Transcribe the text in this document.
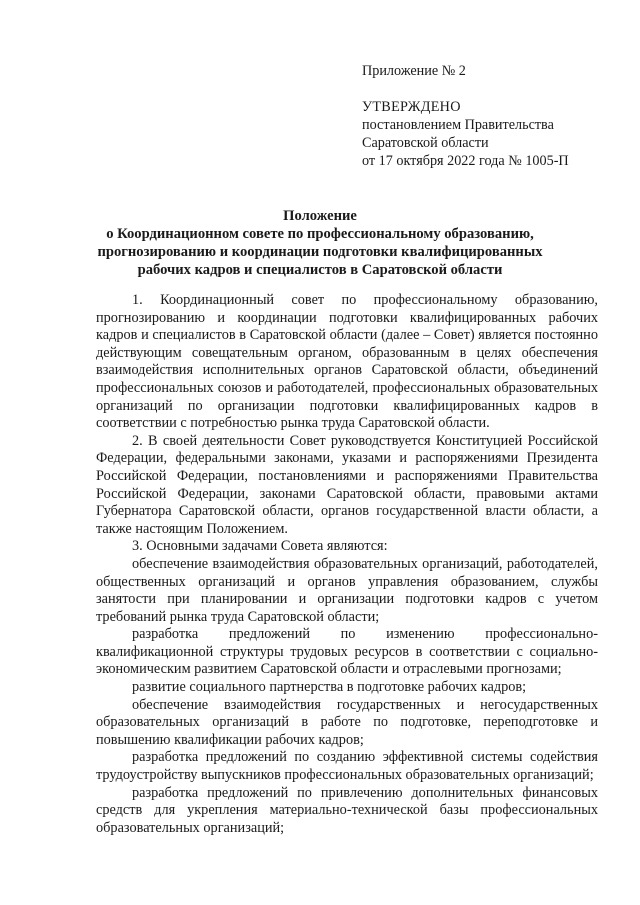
Приложение № 2
УТВЕРЖДЕНО
постановлением Правительства
Саратовской области
от 17 октября 2022 года № 1005-П
Положение
о Координационном совете по профессиональному образованию,
прогнозированию и координации подготовки квалифицированных
рабочих кадров и специалистов в Саратовской области

1. Координационный совет по профессиональному образованию, прогнозированию и координации подготовки квалифицированных рабочих кадров и специалистов в Саратовской области (далее – Совет) является постоянно действующим совещательным органом, образованным в целях обеспечения взаимодействия исполнительных органов Саратовской области, объединений профессиональных союзов и работодателей, профессиональных образовательных организаций по организации подготовки квалифицированных кадров в соответствии с потребностью рынка труда Саратовской области.

2. В своей деятельности Совет руководствуется Конституцией Российской Федерации, федеральными законами, указами и распоряжениями Президента Российской Федерации, постановлениями и распоряжениями Правительства Российской Федерации, законами Саратовской области, правовыми актами Губернатора Саратовской области, органов государственной власти области, а также настоящим Положением.

3. Основными задачами Совета являются:

обеспечение взаимодействия образовательных организаций, работодателей, общественных организаций и органов управления образованием, службы занятости при планировании и организации подготовки кадров с учетом требований рынка труда Саратовской области;

разработка предложений по изменению профессионально-квалификационной структуры трудовых ресурсов в соответствии с социально-экономическим развитием Саратовской области и отраслевыми прогнозами;

развитие социального партнерства в подготовке рабочих кадров;

обеспечение взаимодействия государственных и негосударственных образовательных организаций в работе по подготовке, переподготовке и повышению квалификации рабочих кадров;

разработка предложений по созданию эффективной системы содействия трудоустройству выпускников профессиональных образовательных организаций;

разработка предложений по привлечению дополнительных финансовых средств для укрепления материально-технической базы профессиональных образовательных организаций;
